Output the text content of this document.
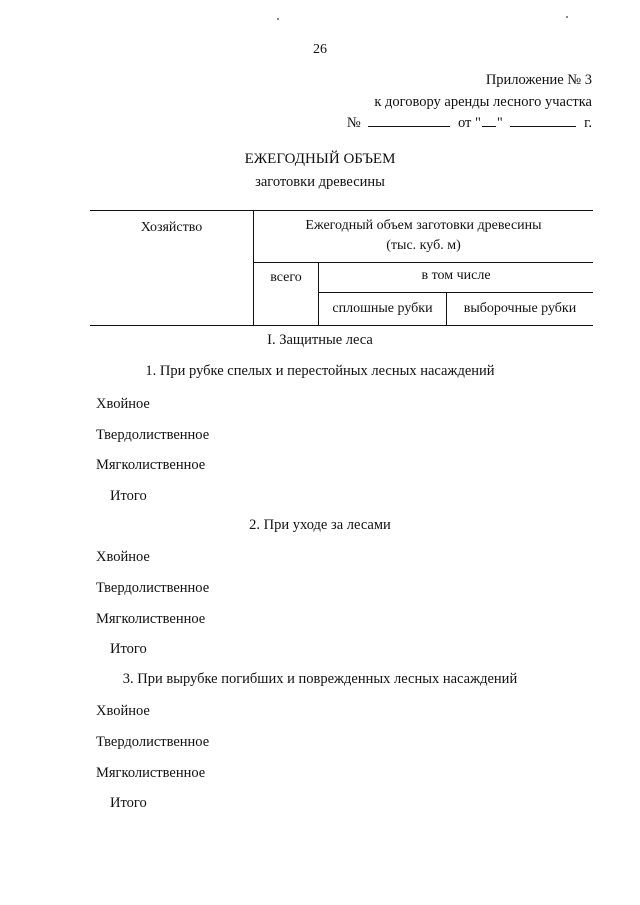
26
Приложение № 3
к договору аренды лесного участка
№	от " "	г.
ЕЖЕГОДНЫЙ ОБЪЕМ
заготовки древесины
Хозяйство	Ежегодный объем заготовки древесины
(тыс. куб. м)		

	всего	в том числе	
		сплошные рубки	выборочные рубки
I. Защитные леса
1. При рубке спелых и перестойных лесных насаждений
Хвойное
Твердолиственное
Мягколиственное
Итого
2. При уходе за лесами
Хвойное
Твердолиственное
Мягколиственное
Итого
3. При вырубке погибших и поврежденных лесных насаждений
Хвойное
Твердолиственное
Мягколиственное
Итого
